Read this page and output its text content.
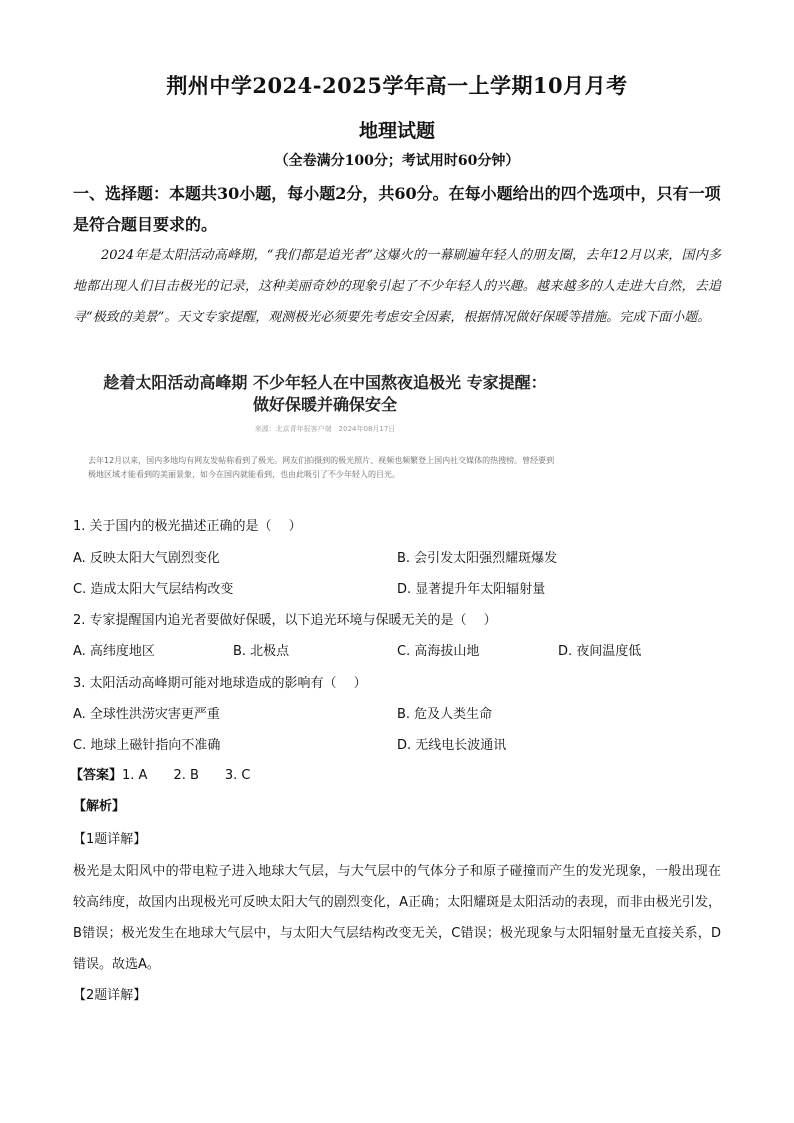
荆州中学2024-2025学年高一上学期10月月考
地理试题
（全卷满分100分；考试用时60分钟）
一、选择题：本题共30小题，每小题2分，共60分。在每小题给出的四个选项中，只有一项是符合题目要求的。
2024年是太阳活动高峰期，“我们都是追光者”这爆火的一幕刷遍年轻人的朋友圈，去年12月以来，国内多地都出现人们目击极光的记录，这种美丽奇妙的现象引起了不少年轻人的兴趣。越来越多的人走进大自然，去追寻“极致的美景”。天文专家提醒，观测极光必须要先考虑安全因素，根据情况做好保暖等措施。完成下面小题。
趁着太阳活动高峰期 不少年轻人在中国熬夜追极光 专家提醒：
做好保暖并确保安全
来源：北京青年报客户端　2024年08月17日
去年12月以来，国内多地均有网友发帖称看到了极光。网友们拍摄到的极光照片、视频也频繁登上国内社交媒体的热搜榜。曾经要到极地区域才能看到的美丽景象，如今在国内就能看到，也由此吸引了不少年轻人的目光。
1. 关于国内的极光描述正确的是（　 ）
A. 反映太阳大气剧烈变化	B. 会引发太阳强烈耀斑爆发
C. 造成太阳大气层结构改变	D. 显著提升年太阳辐射量
2. 专家提醒国内追光者要做好保暖，以下追光环境与保暖无关的是（　 ）
A. 高纬度地区	B. 北极点	C. 高海拔山地	D. 夜间温度低
3. 太阳活动高峰期可能对地球造成的影响有（　 ）
A. 全球性洪涝灾害更严重	B. 危及人类生命
C. 地球上磁针指向不准确	D. 无线电长波通讯
【答案】1. A　　2. B　　3. C
【解析】
【1题详解】
极光是太阳风中的带电粒子进入地球大气层，与大气层中的气体分子和原子碰撞而产生的发光现象，一般出现在较高纬度，故国内出现极光可反映太阳大气的剧烈变化，A正确；太阳耀斑是太阳活动的表现，而非由极光引发，B错误；极光发生在地球大气层中，与太阳大气层结构改变无关，C错误；极光现象与太阳辐射量无直接关系，D错误。故选A。
【2题详解】
